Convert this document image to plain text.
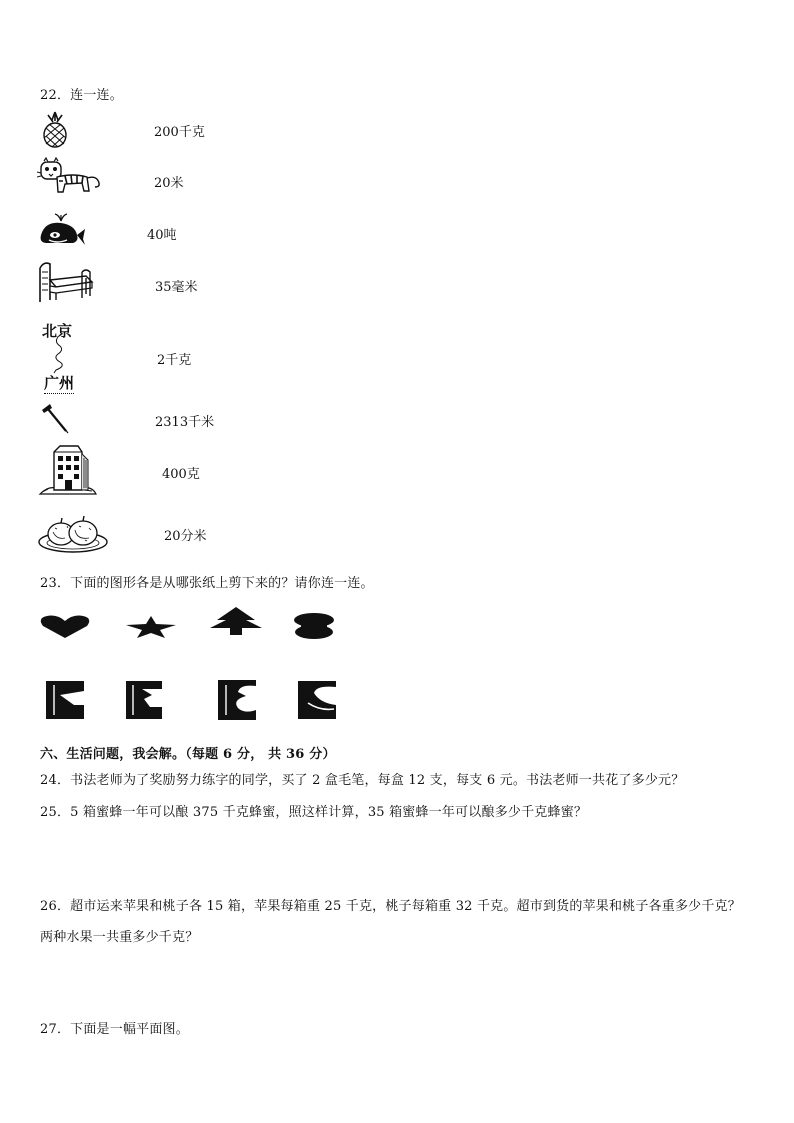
22．连一连。
200千克
20米
40吨
35毫米
北京
广州
2千克
2313千米
400克
20分米
23．下面的图形各是从哪张纸上剪下来的？请你连一连。
六、生活问题，我会解。（每题 6 分， 共 36 分）
24．书法老师为了奖励努力练字的同学，买了 2 盒毛笔，每盒 12 支，每支 6 元。书法老师一共花了多少元？
25．5 箱蜜蜂一年可以酿 375 千克蜂蜜，照这样计算，35 箱蜜蜂一年可以酿多少千克蜂蜜？
26．超市运来苹果和桃子各 15 箱，苹果每箱重 25 千克，桃子每箱重 32 千克。超市到货的苹果和桃子各重多少千克？
两种水果一共重多少千克？
27．下面是一幅平面图。
